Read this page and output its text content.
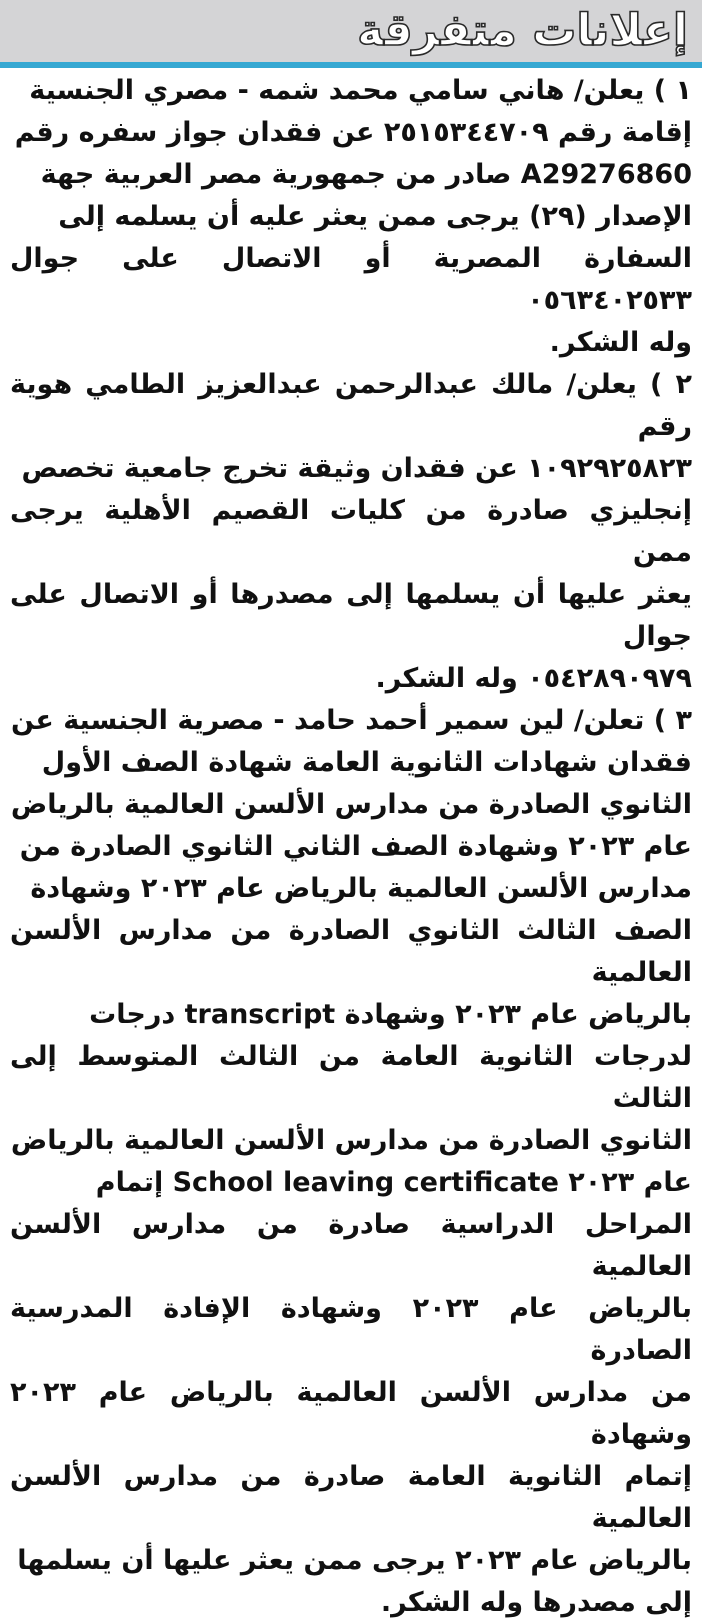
إعلانات متفرقة
١ ) يعلن/ هاني سامي محمد شمه - مصري الجنسية
إقامة رقم ٢٥١٥٣٤٤٧٠٩ عن فقدان جواز سفره رقم
A29276860 صادر من جمهورية مصر العربية جهة
الإصدار (٢٩) يرجى ممن يعثر عليه أن يسلمه إلى
السفارة المصرية أو الاتصال على جوال ٠٥٦٣٤٠٢٥٣٣
وله الشكر.
٢ ) يعلن/ مالك عبدالرحمن عبدالعزيز الطامي هوية رقم
١٠٩٢٩٢٥٨٢٣ عن فقدان وثيقة تخرج جامعية تخصص
إنجليزي صادرة من كليات القصيم الأهلية يرجى ممن
يعثر عليها أن يسلمها إلى مصدرها أو الاتصال على جوال
٠٥٤٢٨٩٠٩٧٩ وله الشكر.
٣ ) تعلن/ لين سمير أحمد حامد - مصرية الجنسية عن
فقدان شهادات الثانوية العامة شهادة الصف الأول
الثانوي الصادرة من مدارس الألسن العالمية بالرياض
عام ٢٠٢٣ وشهادة الصف الثاني الثانوي الصادرة من
مدارس الألسن العالمية بالرياض عام ٢٠٢٣ وشهادة
الصف الثالث الثانوي الصادرة من مدارس الألسن العالمية
بالرياض عام ٢٠٢٣ وشهادة transcript درجات
لدرجات الثانوية العامة من الثالث المتوسط إلى الثالث
الثانوي الصادرة من مدارس الألسن العالمية بالرياض
عام ٢٠٢٣ School leaving certificate إتمام
المراحل الدراسية صادرة من مدارس الألسن العالمية
بالرياض عام ٢٠٢٣ وشهادة الإفادة المدرسية الصادرة
من مدارس الألسن العالمية بالرياض عام ٢٠٢٣ وشهادة
إتمام الثانوية العامة صادرة من مدارس الألسن العالمية
بالرياض عام ٢٠٢٣ يرجى ممن يعثر عليها أن يسلمها
إلى مصدرها وله الشكر.
